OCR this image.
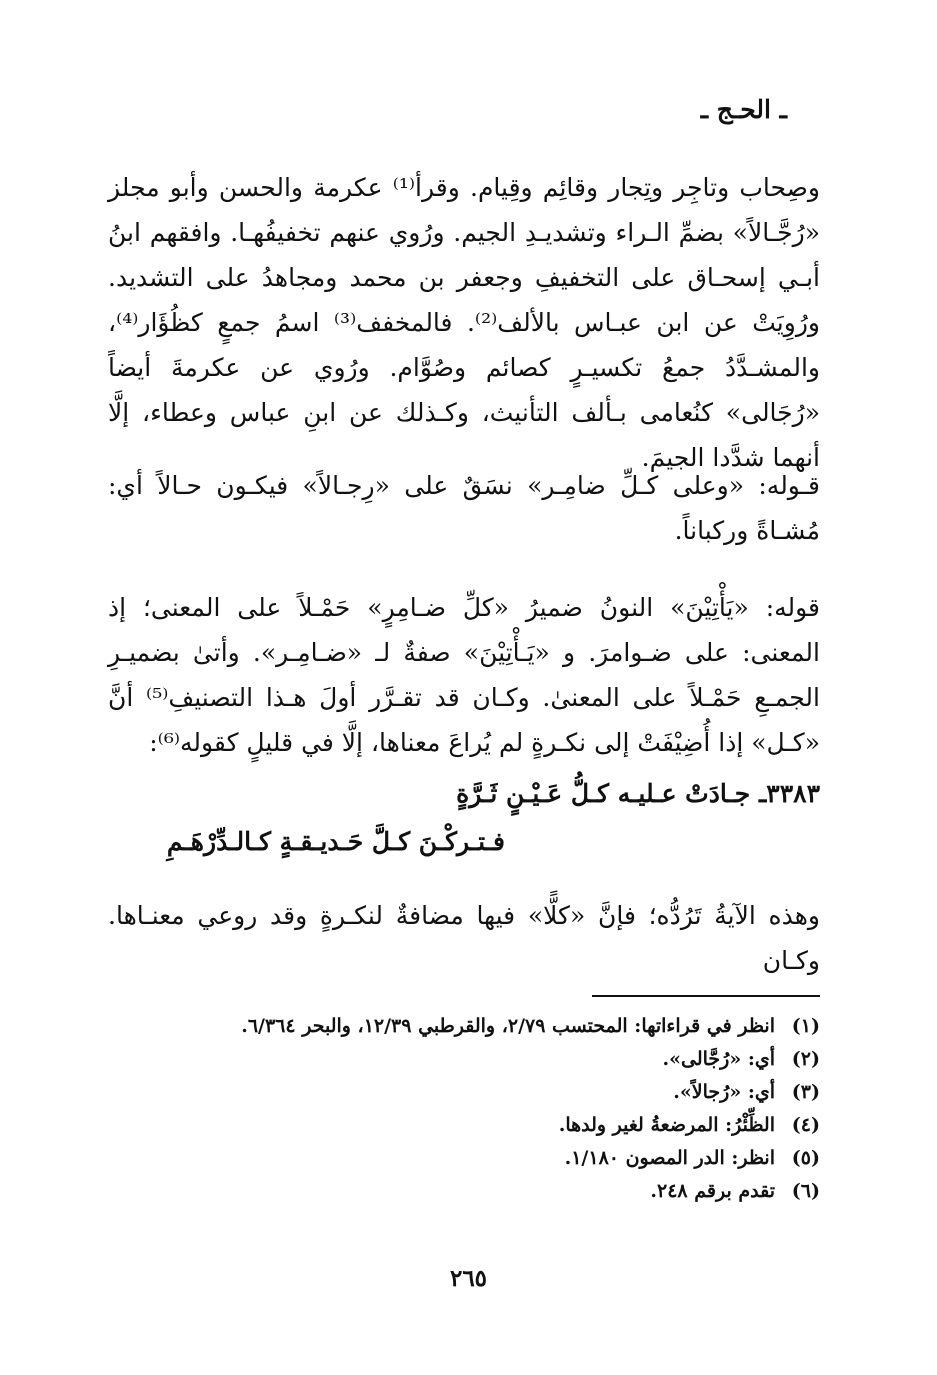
ـ الحـج ـ

وصِحاب وتاجِر وتِجار وقائِم وقِيام. وقرأ⁽¹⁾ عكرمة والحسن وأبو مجلز «رُجَّـالاً» بضمِّ الـراء وتشديـدِ الجيم. ورُوي عنهم تخفيفُهـا. وافقهم ابنُ أبـي إسحـاق على التخفيفِ وجعفر بن محمد ومجاهدُ على التشديد. ورُوِيَتْ عن ابن عبـاس بالألف⁽²⁾. فالمخفف⁽³⁾ اسمُ جمعٍ كظُؤَار⁽⁴⁾، والمشـدَّدُ جمعُ تكسيـرٍ كصائم وصُوَّام. ورُوي عن عكرمةَ أيضاً «رُجَالى» كنُعامى بـألف التأنيث، وكـذلك عن ابنِ عباس وعطاء، إلَّا أنهما شدَّدا الجيمَ.

قـوله: «وعلى كـلِّ ضامِـر» نسَقٌ على «رِجـالاً» فيكـون حـالاً أي: مُشـاةً وركباناً.

قوله: «يَأْتِيْنَ» النونُ ضميرُ «كلِّ ضـامِرٍ» حَمْـلاً على المعنى؛ إذ المعنى: على ضـوامرَ. و «يَـأْتِيْنَ» صفةٌ لـ «ضـامِـر». وأتىٰ بضميـرِ الجمـعِ حَمْـلاً على المعنىٰ. وكـان قد تقـرَّر أولَ هـذا التصنيفِ⁽⁵⁾ أنَّ «كـل» إذا أُضِيْفَتْ إلى نكـرةٍ لم يُراعَ معناها، إلَّا في قليلٍ كقوله⁽⁶⁾:

٣٣٨٣ـ جـادَتْ عـليـه كـلُّ عَـيْـنٍ ثَـرَّةٍ
فـتـركْـنَ كـلَّ حَـديـقـةٍ كـالـدِّرْهَـمِ

وهذه الآيةُ تَرُدُّه؛ فإنَّ «كلًّا» فيها مضافةٌ لنكـرةٍ وقد روعي معنـاها. وكـان

(١)
انظر في قراءاتها: المحتسب ٢/٧٩، والقرطبي ١٢/٣٩، والبحر ٦/٣٦٤.
(٢)
أي: «رُجَّالى».
(٣)
أي: «رُجالاً».
(٤)
الظِّئْرُ: المرضعةُ لغير ولدها.
(٥)
انظر: الدر المصون ١/١٨٠.
(٦)
تقدم برقم ٢٤٨.
٢٦٥
